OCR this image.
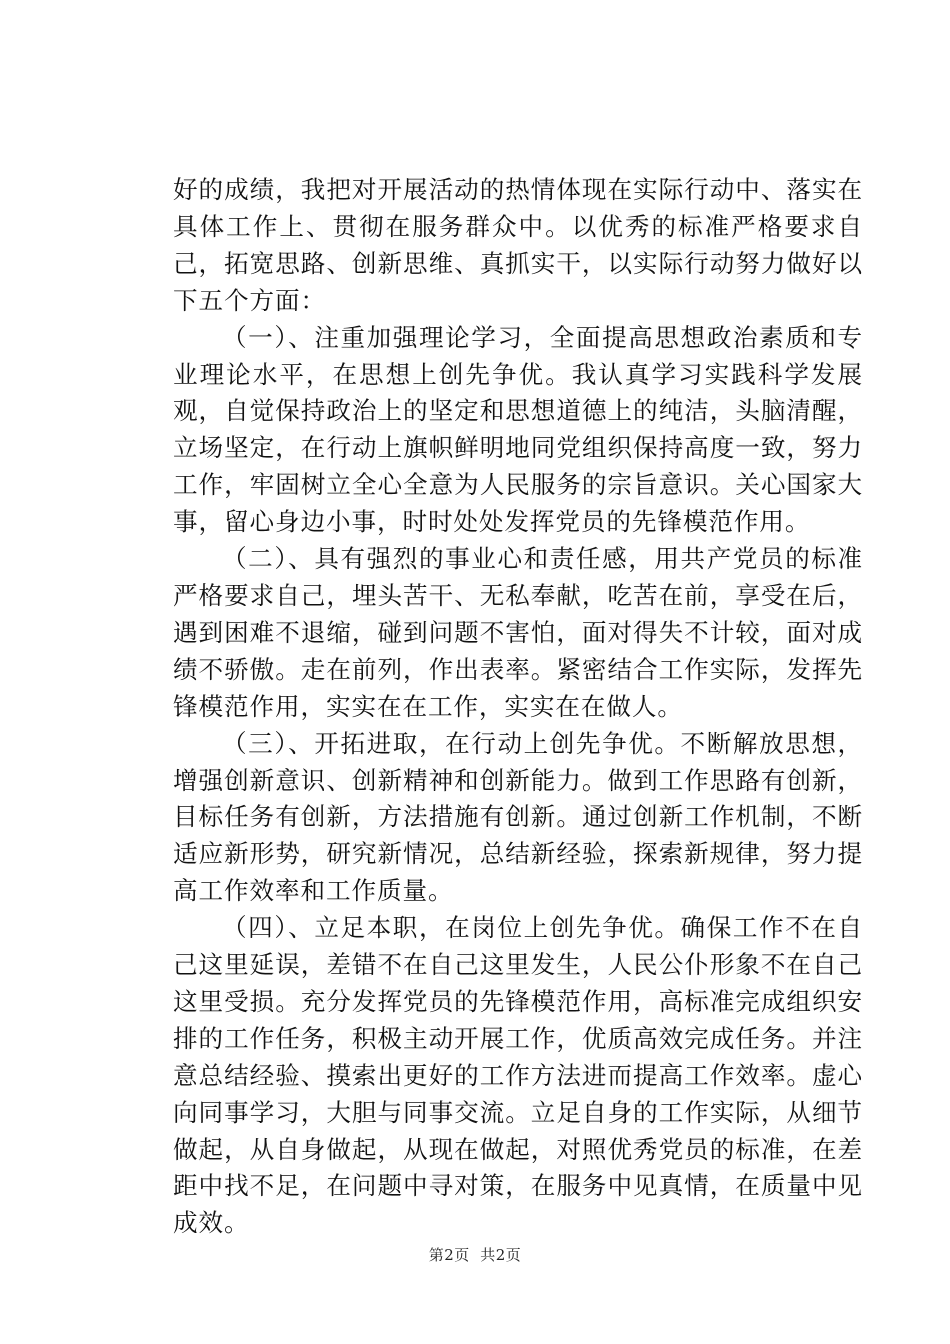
好的成绩，我把对开展活动的热情体现在实际行动中、落实在具体工作上、贯彻在服务群众中。以优秀的标准严格要求自己，拓宽思路、创新思维、真抓实干，以实际行动努力做好以下五个方面：

（一）、注重加强理论学习，全面提高思想政治素质和专业理论水平，在思想上创先争优。我认真学习实践科学发展观，自觉保持政治上的坚定和思想道德上的纯洁，头脑清醒，立场坚定，在行动上旗帜鲜明地同党组织保持高度一致，努力工作，牢固树立全心全意为人民服务的宗旨意识。关心国家大事，留心身边小事，时时处处发挥党员的先锋模范作用。

（二）、具有强烈的事业心和责任感，用共产党员的标准严格要求自己，埋头苦干、无私奉献，吃苦在前，享受在后，遇到困难不退缩，碰到问题不害怕，面对得失不计较，面对成绩不骄傲。走在前列，作出表率。紧密结合工作实际，发挥先锋模范作用，实实在在工作，实实在在做人。

（三）、开拓进取，在行动上创先争优。不断解放思想，增强创新意识、创新精神和创新能力。做到工作思路有创新，目标任务有创新，方法措施有创新。通过创新工作机制，不断适应新形势，研究新情况，总结新经验，探索新规律，努力提高工作效率和工作质量。

（四）、立足本职，在岗位上创先争优。确保工作不在自己这里延误，差错不在自己这里发生，人民公仆形象不在自己这里受损。充分发挥党员的先锋模范作用，高标准完成组织安排的工作任务，积极主动开展工作，优质高效完成任务。并注意总结经验、摸索出更好的工作方法进而提高工作效率。虚心向同事学习，大胆与同事交流。立足自身的工作实际，从细节做起，从自身做起，从现在做起，对照优秀党员的标准，在差距中找不足，在问题中寻对策，在服务中见真情，在质量中见成效。

第2页  共2页
